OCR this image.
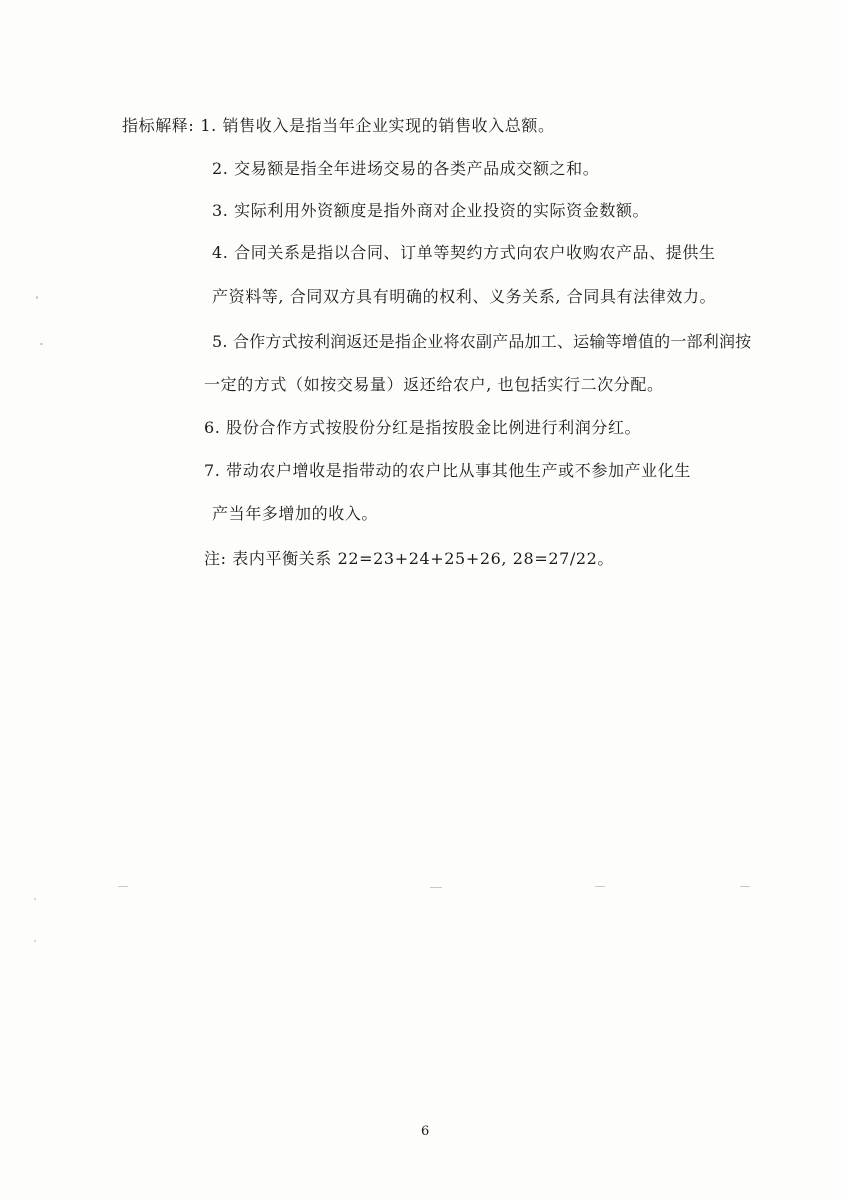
指标解释: 1. 销售收入是指当年企业实现的销售收入总额。
2. 交易额是指全年进场交易的各类产品成交额之和。
3. 实际利用外资额度是指外商对企业投资的实际资金数额。
4. 合同关系是指以合同、订单等契约方式向农户收购农产品、提供生
产资料等, 合同双方具有明确的权利、义务关系, 合同具有法律效力。
5. 合作方式按利润返还是指企业将农副产品加工、运输等增值的一部利润按
一定的方式（如按交易量）返还给农户, 也包括实行二次分配。
6. 股份合作方式按股份分红是指按股金比例进行利润分红。
7. 带动农户增收是指带动的农户比从事其他生产或不参加产业化生
产当年多增加的收入。
注: 表内平衡关系 22=23+24+25+26, 28=27/22。
6
